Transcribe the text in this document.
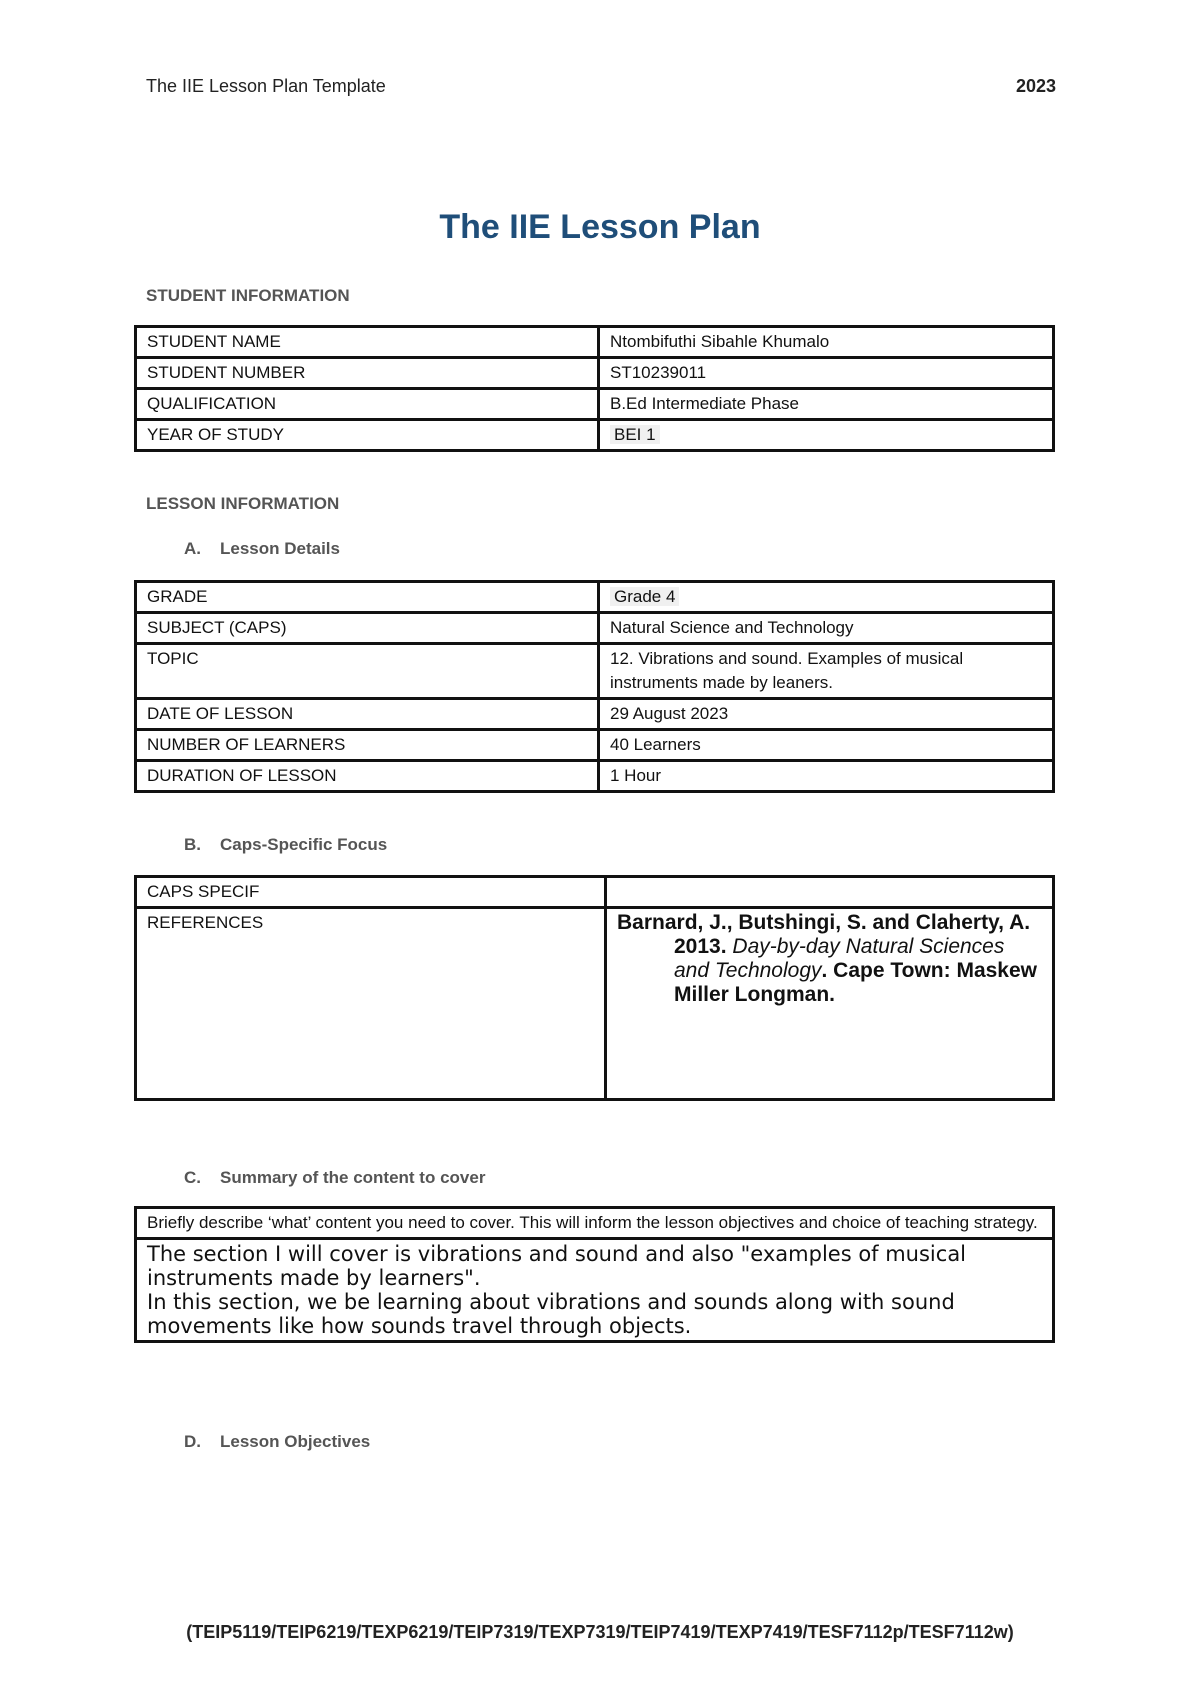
The IIE Lesson Plan Template	2023
The IIE Lesson Plan
STUDENT INFORMATION
STUDENT NAME	Ntombifuthi Sibahle Khumalo
STUDENT NUMBER	ST10239011
QUALIFICATION	B.Ed Intermediate Phase
YEAR OF STUDY	BEI 1
LESSON INFORMATION
A. Lesson Details
GRADE	Grade 4
SUBJECT (CAPS)	Natural Science and Technology
TOPIC	12. Vibrations and sound. Examples of musical instruments made by leaners.
DATE OF LESSON	29 August 2023
NUMBER OF LEARNERS	40 Learners
DURATION OF LESSON	1 Hour
B. Caps-Specific Focus
CAPS SPECIF	
REFERENCES	Barnard, J., Butshingi, S. and Claherty, A.
2013. Day-by-day Natural Sciences and Technology. Cape Town: Maskew Miller Longman.
C. Summary of the content to cover
Briefly describe ‘what’ content you need to cover. This will inform the lesson objectives and choice of teaching strategy.

The section I will cover is vibrations and sound and also "examples of musical instruments made by learners".
In this section, we be learning about vibrations and sounds along with sound movements like how sounds travel through objects.
D. Lesson Objectives
(TEIP5119/TEIP6219/TEXP6219/TEIP7319/TEXP7319/TEIP7419/TEXP7419/TESF7112p/TESF7112w)
